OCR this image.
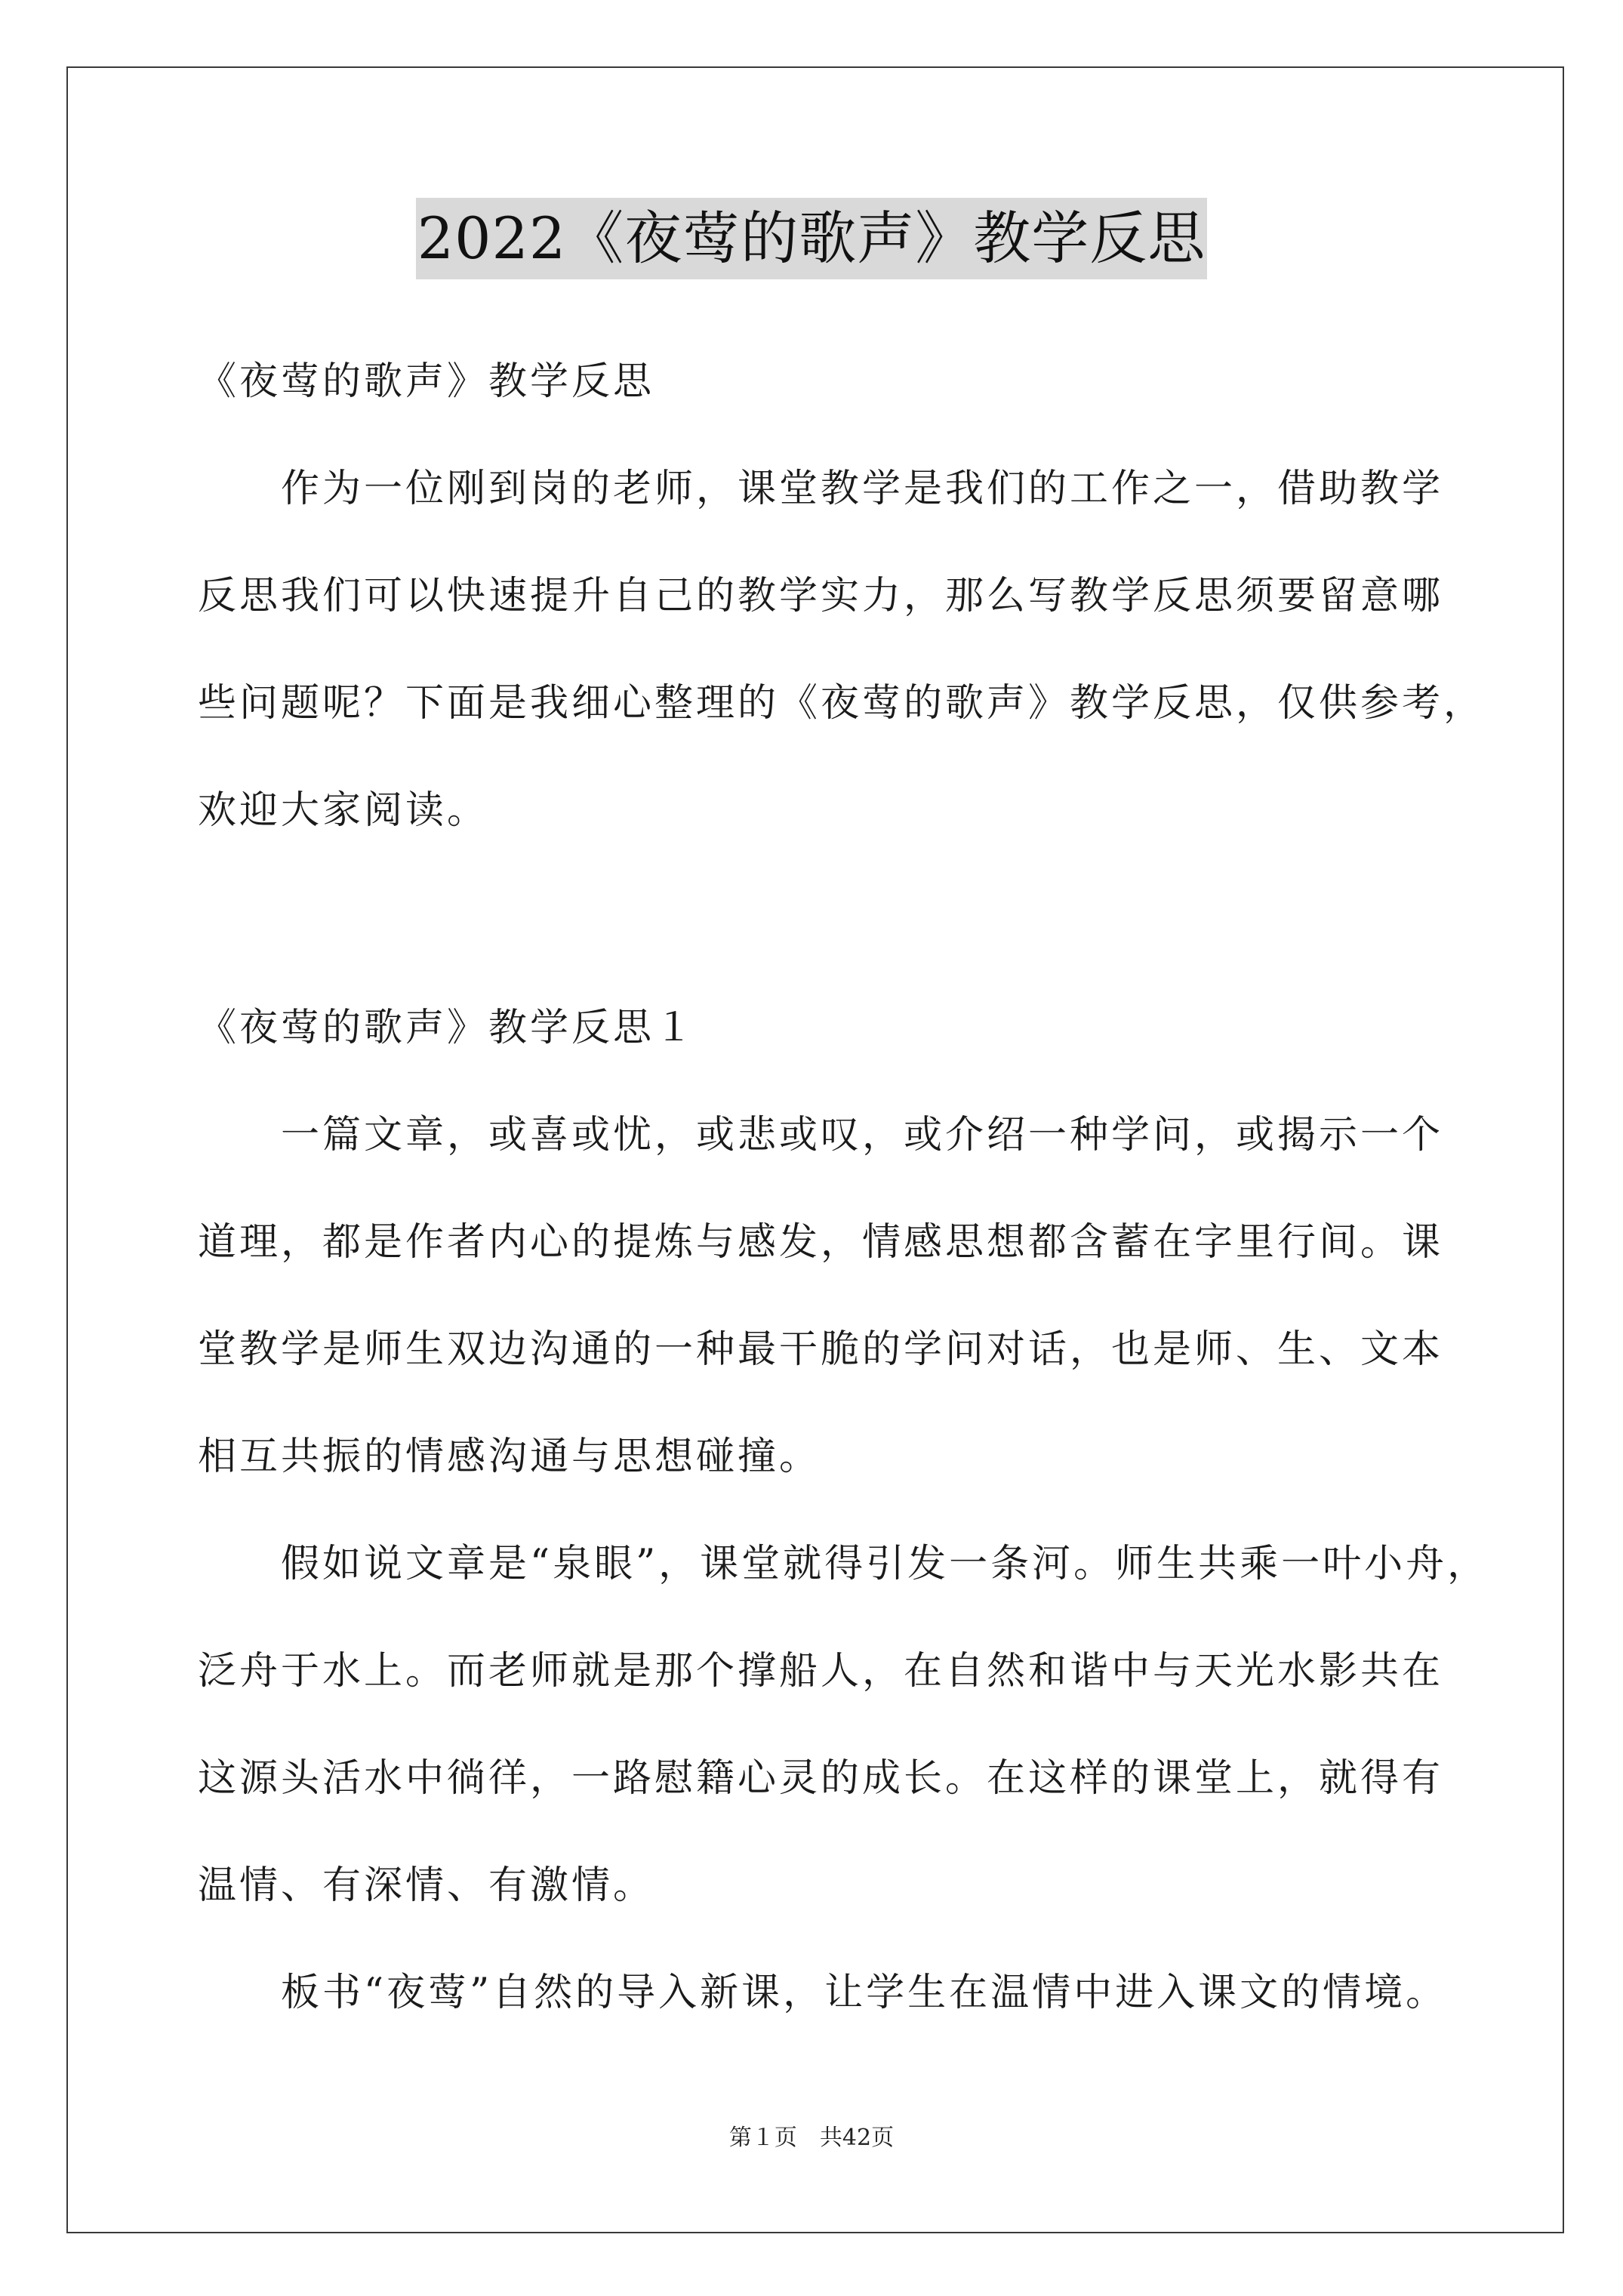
2022《夜莺的歌声》教学反思
《夜莺的歌声》教学反思
　　作为一位刚到岗的老师，课堂教学是我们的工作之一，借助教学
反思我们可以快速提升自己的教学实力，那么写教学反思须要留意哪
些问题呢？下面是我细心整理的《夜莺的歌声》教学反思，仅供参考，
欢迎大家阅读。
《夜莺的歌声》教学反思１
　　一篇文章，或喜或忧，或悲或叹，或介绍一种学问，或揭示一个
道理，都是作者内心的提炼与感发，情感思想都含蓄在字里行间。课
堂教学是师生双边沟通的一种最干脆的学问对话，也是师、生、文本
相互共振的情感沟通与思想碰撞。
　　假如说文章是“泉眼”，课堂就得引发一条河。师生共乘一叶小舟，
泛舟于水上。而老师就是那个撑船人，在自然和谐中与天光水影共在
这源头活水中徜徉，一路慰籍心灵的成长。在这样的课堂上，就得有
温情、有深情、有激情。
　　板书“夜莺”自然的导入新课，让学生在温情中进入课文的情境。
第１页　共42页
